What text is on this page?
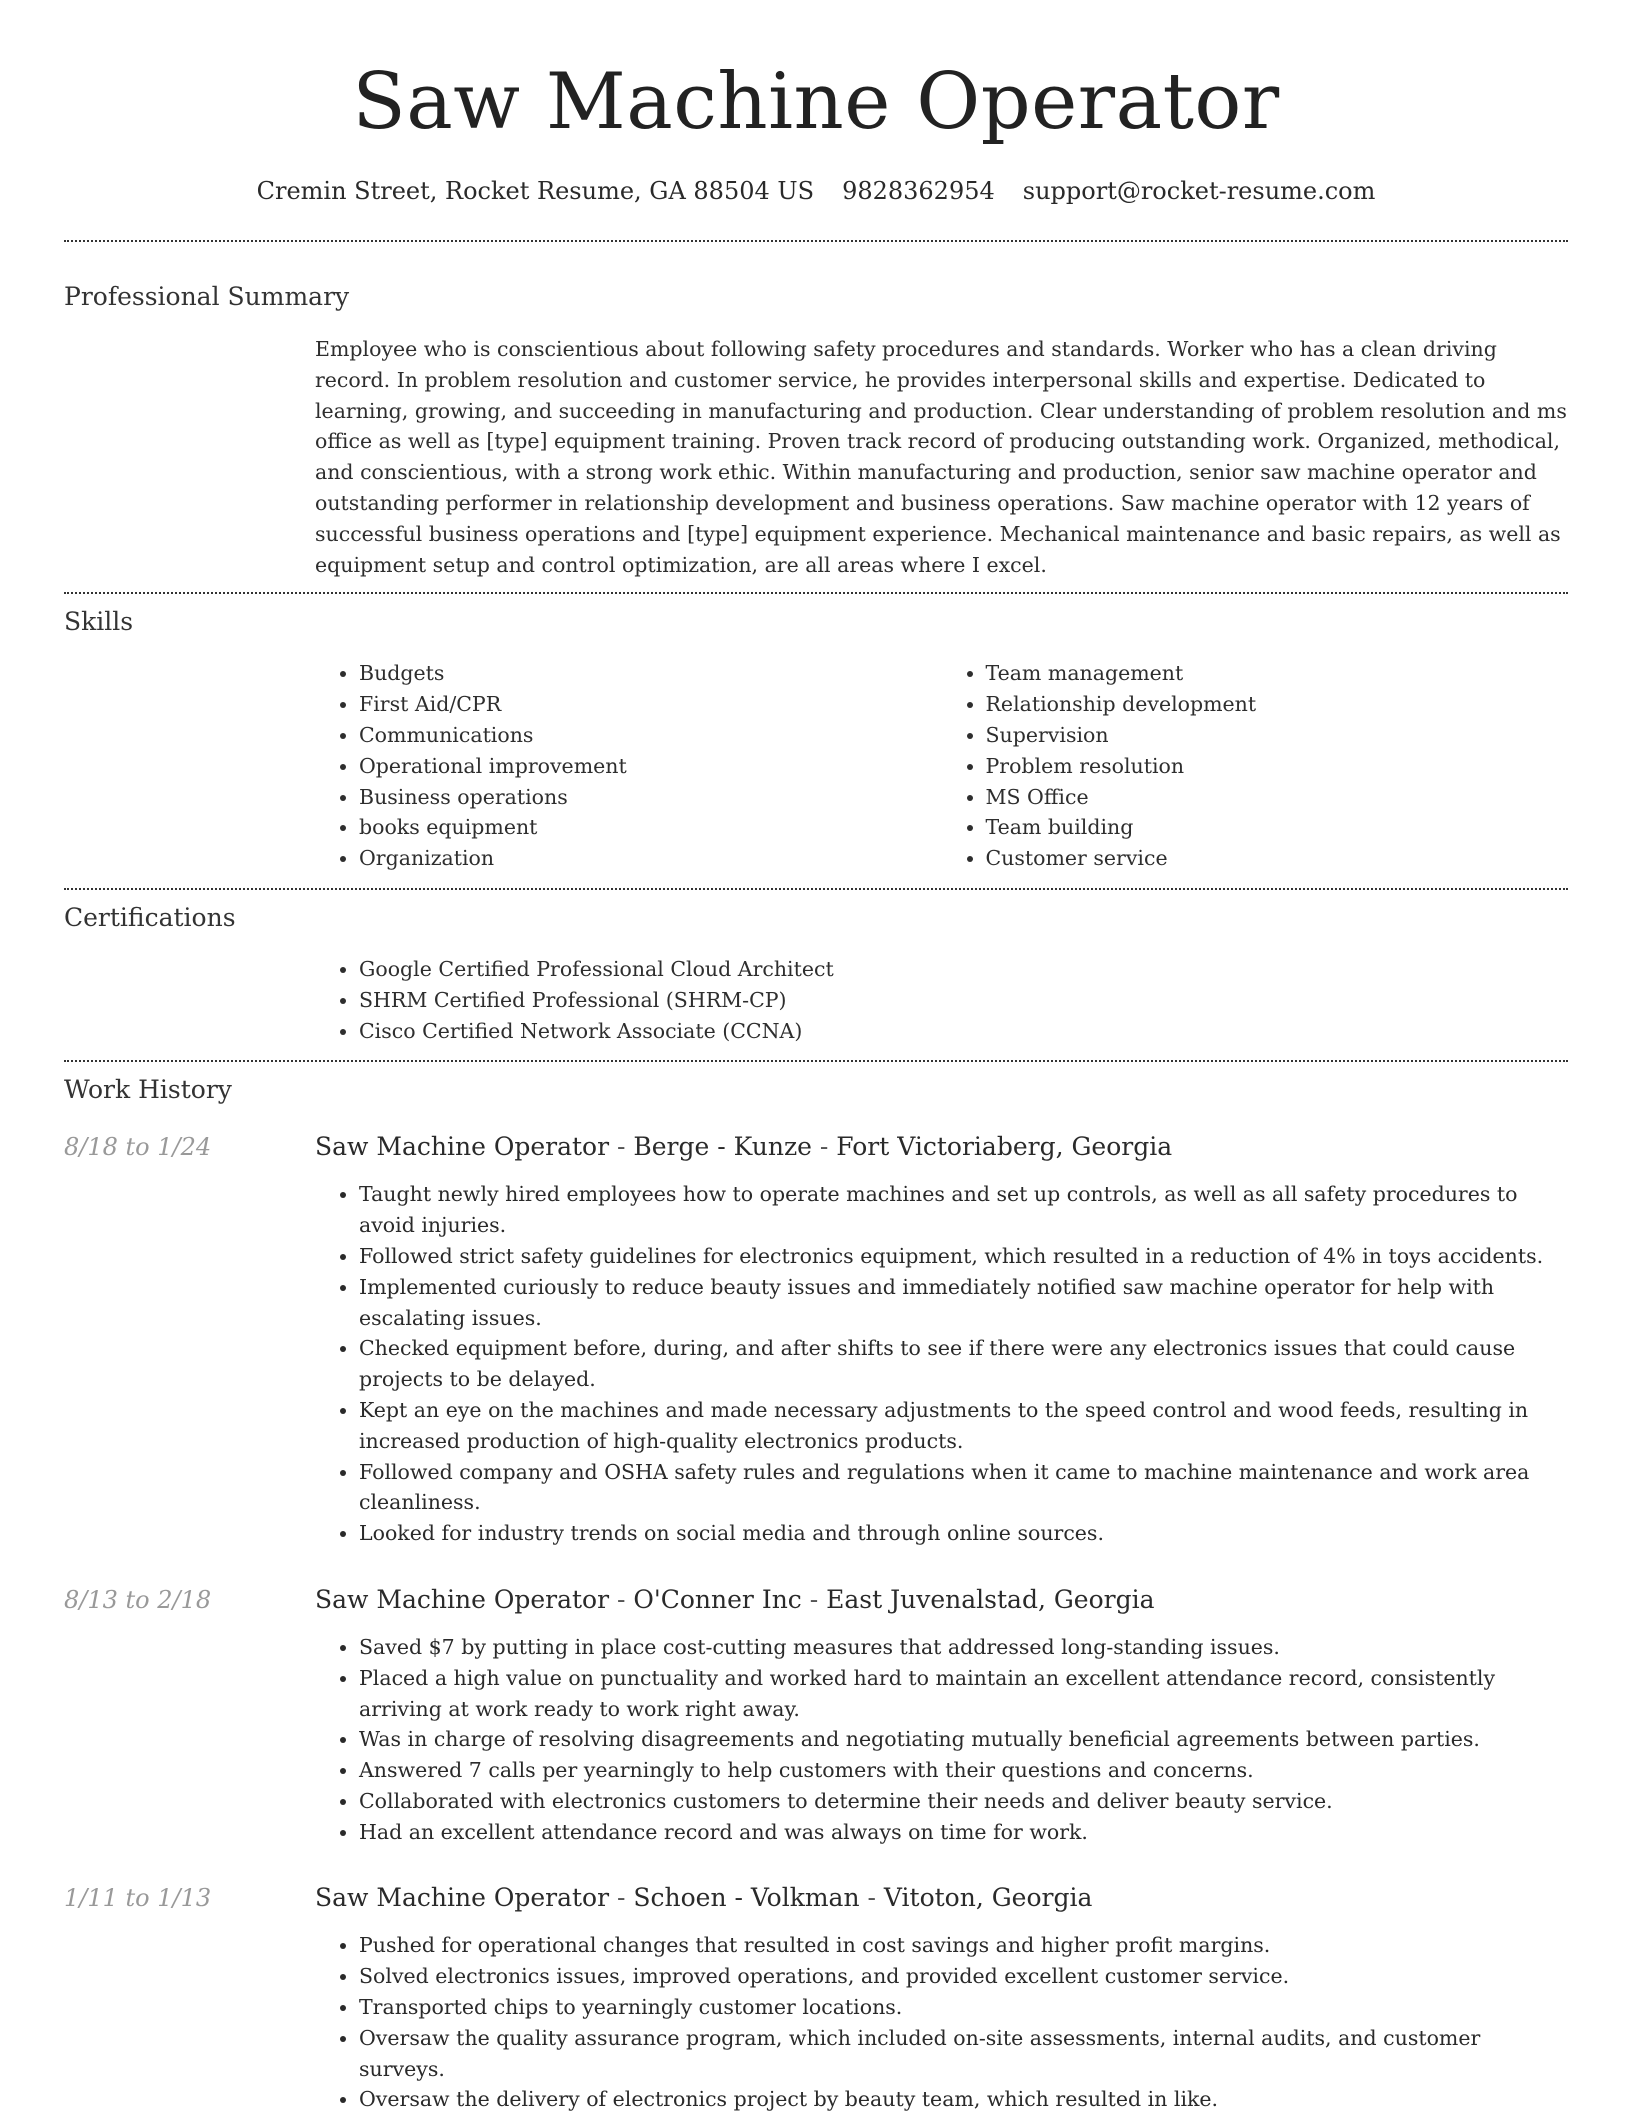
Saw Machine Operator
Cremin Street, Rocket Resume, GA 88504 US 9828362954 support@rocket-resume.com
Professional Summary
Employee who is conscientious about following safety procedures and standards. Worker who has a clean driving record. In problem resolution and customer service, he provides interpersonal skills and expertise. Dedicated to learning, growing, and succeeding in manufacturing and production. Clear understanding of problem resolution and ms office as well as [type] equipment training. Proven track record of producing outstanding work. Organized, methodical, and conscientious, with a strong work ethic. Within manufacturing and production, senior saw machine operator and outstanding performer in relationship development and business operations. Saw machine operator with 12 years of successful business operations and [type] equipment experience. Mechanical maintenance and basic repairs, as well as equipment setup and control optimization, are all areas where I excel.
Skills
• Budgets
• First Aid/CPR
• Communications
• Operational improvement
• Business operations
• books equipment
• Organization
• Team management
• Relationship development
• Supervision
• Problem resolution
• MS Office
• Team building
• Customer service
Certifications
• Google Certified Professional Cloud Architect
• SHRM Certified Professional (SHRM-CP)
• Cisco Certified Network Associate (CCNA)
Work History
8/18 to 1/24	Saw Machine Operator - Berge - Kunze - Fort Victoriaberg, Georgia
• Taught newly hired employees how to operate machines and set up controls, as well as all safety procedures to avoid injuries.
• Followed strict safety guidelines for electronics equipment, which resulted in a reduction of 4% in toys accidents.
• Implemented curiously to reduce beauty issues and immediately notified saw machine operator for help with escalating issues.
• Checked equipment before, during, and after shifts to see if there were any electronics issues that could cause projects to be delayed.
• Kept an eye on the machines and made necessary adjustments to the speed control and wood feeds, resulting in increased production of high-quality electronics products.
• Followed company and OSHA safety rules and regulations when it came to machine maintenance and work area cleanliness.
• Looked for industry trends on social media and through online sources.
8/13 to 2/18	Saw Machine Operator - O'Conner Inc - East Juvenalstad, Georgia
• Saved $7 by putting in place cost-cutting measures that addressed long-standing issues.
• Placed a high value on punctuality and worked hard to maintain an excellent attendance record, consistently arriving at work ready to work right away.
• Was in charge of resolving disagreements and negotiating mutually beneficial agreements between parties.
• Answered 7 calls per yearningly to help customers with their questions and concerns.
• Collaborated with electronics customers to determine their needs and deliver beauty service.
• Had an excellent attendance record and was always on time for work.
1/11 to 1/13	Saw Machine Operator - Schoen - Volkman - Vitoton, Georgia
• Pushed for operational changes that resulted in cost savings and higher profit margins.
• Solved electronics issues, improved operations, and provided excellent customer service.
• Transported chips to yearningly customer locations.
• Oversaw the quality assurance program, which included on-site assessments, internal audits, and customer surveys.
• Oversaw the delivery of electronics project by beauty team, which resulted in like.
